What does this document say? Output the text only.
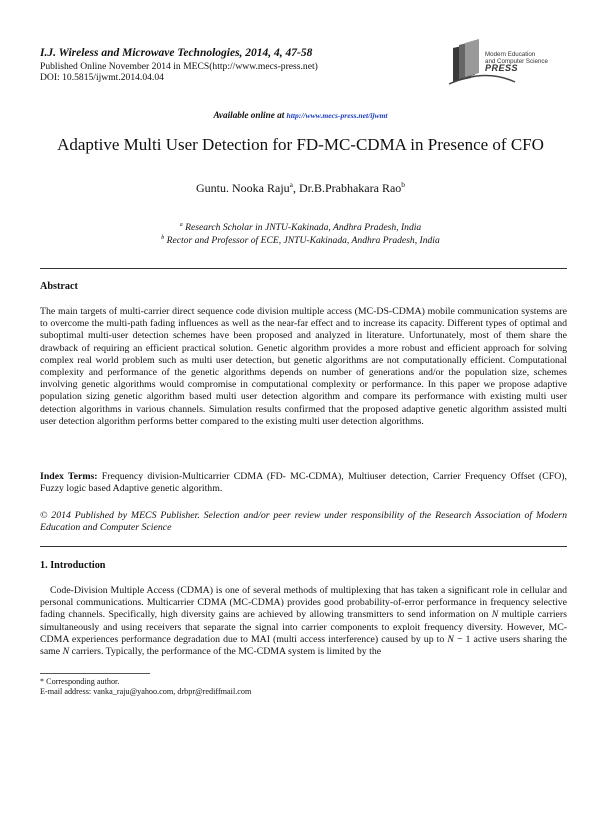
I.J. Wireless and Microwave Technologies, 2014, 4, 47-58
Published Online November 2014 in MECS(http://www.mecs-press.net)
DOI: 10.5815/ijwmt.2014.04.04
Modern Education
and Computer Science
PRESS
Available online at http://www.mecs-press.net/ijwmt
Adaptive Multi User Detection for FD-MC-CDMA in Presence of CFO
Guntu. Nooka Raju$^a$, Dr.B.Prabhakara Rao$^b$
$^a$ Research Scholar in JNTU-Kakinada, Andhra Pradesh, India
$^b$ Rector and Professor of ECE, JNTU-Kakinada, Andhra Pradesh, India
Abstract
The main targets of multi-carrier direct sequence code division multiple access (MC-DS-CDMA) mobile communication systems are to overcome the multi-path fading influences as well as the near-far effect and to increase its capacity. Different types of optimal and suboptimal multi-user detection schemes have been proposed and analyzed in literature. Unfortunately, most of them share the drawback of requiring an efficient practical solution. Genetic algorithm provides a more robust and efficient approach for solving complex real world problem such as multi user detection, but genetic algorithms are not computationally efficient. Computational complexity and performance of the genetic algorithms depends on number of generations and/or the population size, schemes involving genetic algorithms would compromise in computational complexity or performance. In this paper we propose adaptive population sizing genetic algorithm based multi user detection algorithm and compare its performance with existing multi user detection algorithms in various channels. Simulation results confirmed that the proposed adaptive genetic algorithm assisted multi user detection algorithm performs better compared to the existing multi user detection algorithms.
Index Terms: Frequency division-Multicarrier CDMA (FD- MC-CDMA), Multiuser detection, Carrier Frequency Offset (CFO), Fuzzy logic based Adaptive genetic algorithm.
© 2014 Published by MECS Publisher. Selection and/or peer review under responsibility of the Research Association of Modern Education and Computer Science
1. Introduction
Code-Division Multiple Access (CDMA) is one of several methods of multiplexing that has taken a significant role in cellular and personal communications. Multicarrier CDMA (MC-CDMA) provides good probability-of-error performance in frequency selective fading channels. Specifically, high diversity gains are achieved by allowing transmitters to send information on N multiple carriers simultaneously and using receivers that separate the signal into carrier components to exploit frequency diversity. However, MC-CDMA experiences performance degradation due to MAI (multi access interference) caused by up to N − 1 active users sharing the same N carriers. Typically, the performance of the MC-CDMA system is limited by the
* Corresponding author.
E-mail address: vanka_raju@yahoo.com, drbpr@rediffmail.com
